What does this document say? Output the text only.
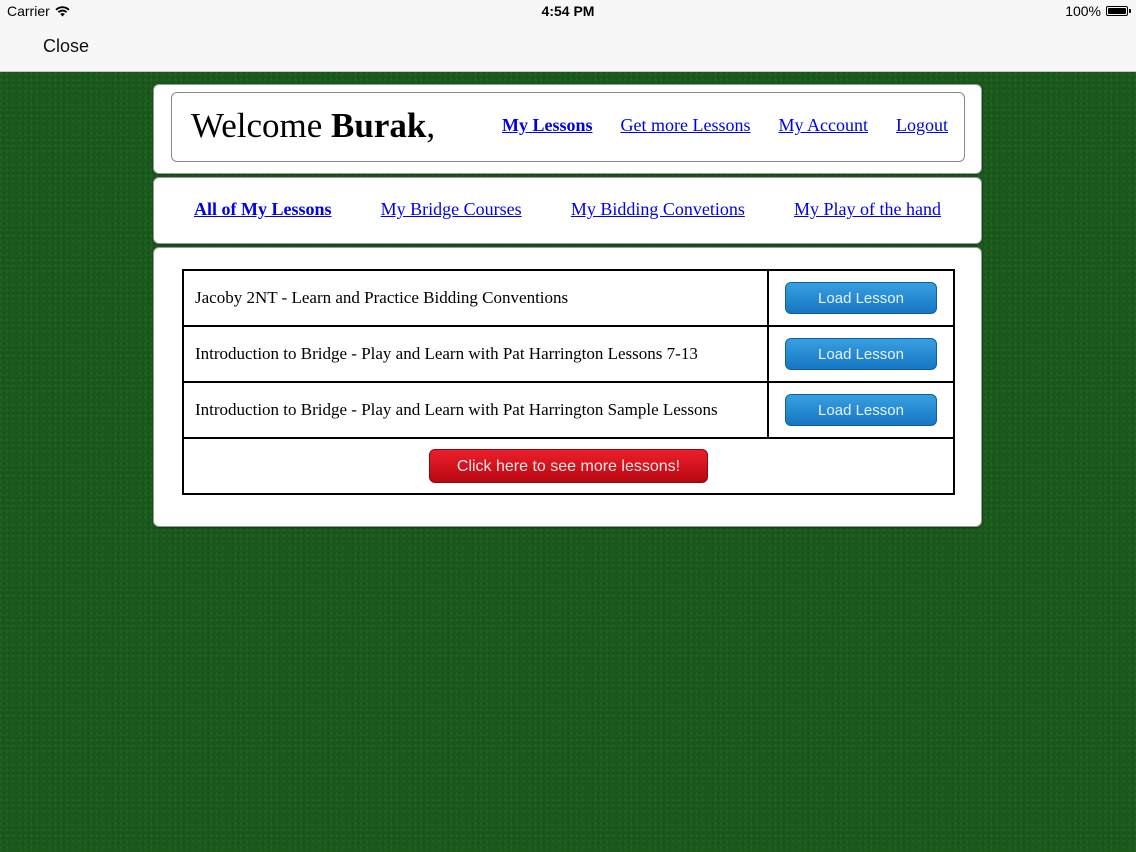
Carrier	4:54 PM	100%
Close
Welcome Burak,	My Lessons Get more Lessons My Account Logout
All of My Lessons	My Bridge Courses	My Bidding Convetions	My Play of the hand
Jacoby 2NT - Learn and Practice Bidding Conventions	Load Lesson
Introduction to Bridge - Play and Learn with Pat Harrington Lessons 7-13	Load Lesson
Introduction to Bridge - Play and Learn with Pat Harrington Sample Lessons	Load Lesson
Click here to see more lessons!	
